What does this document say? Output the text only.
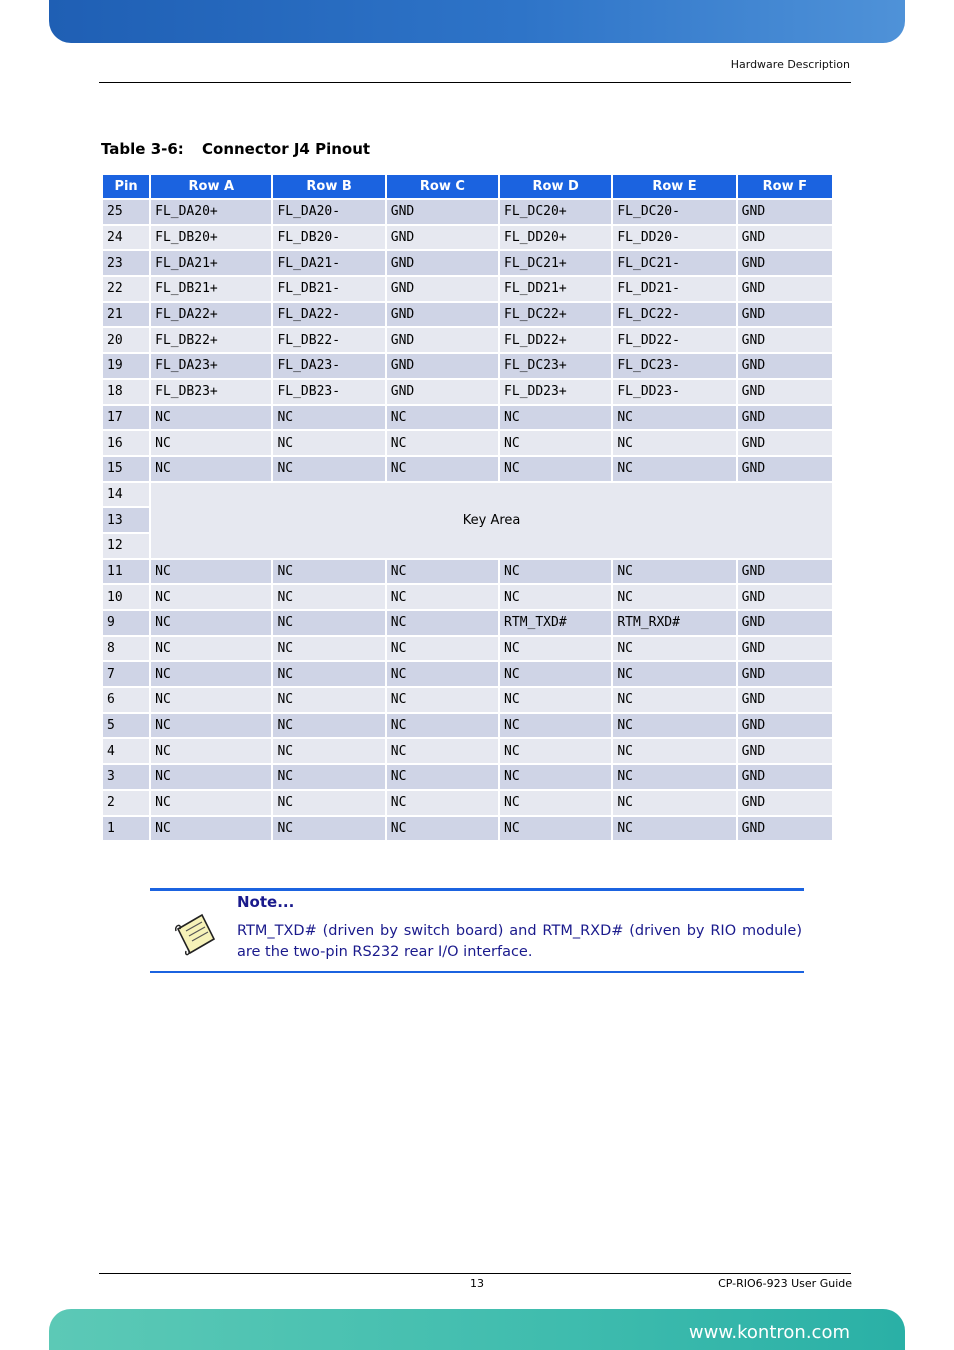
Hardware Description
Table 3-6: Connector J4 Pinout
Pin	Row A	Row B	Row C	Row D	Row E	Row F
25	FL_DA20+	FL_DA20-	GND	FL_DC20+	FL_DC20-	GND
24	FL_DB20+	FL_DB20-	GND	FL_DD20+	FL_DD20-	GND
23	FL_DA21+	FL_DA21-	GND	FL_DC21+	FL_DC21-	GND
22	FL_DB21+	FL_DB21-	GND	FL_DD21+	FL_DD21-	GND
21	FL_DA22+	FL_DA22-	GND	FL_DC22+	FL_DC22-	GND
20	FL_DB22+	FL_DB22-	GND	FL_DD22+	FL_DD22-	GND
19	FL_DA23+	FL_DA23-	GND	FL_DC23+	FL_DC23-	GND
18	FL_DB23+	FL_DB23-	GND	FL_DD23+	FL_DD23-	GND
17	NC	NC	NC	NC	NC	GND
16	NC	NC	NC	NC	NC	GND
15	NC	NC	NC	NC	NC	GND
14	Key Area					
13						
12						
11	NC	NC	NC	NC	NC	GND
10	NC	NC	NC	NC	NC	GND
9	NC	NC	NC	RTM_TXD#	RTM_RXD#	GND
8	NC	NC	NC	NC	NC	GND
7	NC	NC	NC	NC	NC	GND
6	NC	NC	NC	NC	NC	GND
5	NC	NC	NC	NC	NC	GND
4	NC	NC	NC	NC	NC	GND
3	NC	NC	NC	NC	NC	GND
2	NC	NC	NC	NC	NC	GND
1	NC	NC	NC	NC	NC	GND
Note...
RTM_TXD# (driven by switch board) and RTM_RXD# (driven by RIO module) are the two-pin RS232 rear I/O interface.
13	CP-RIO6-923 User Guide
www.kontron.com
